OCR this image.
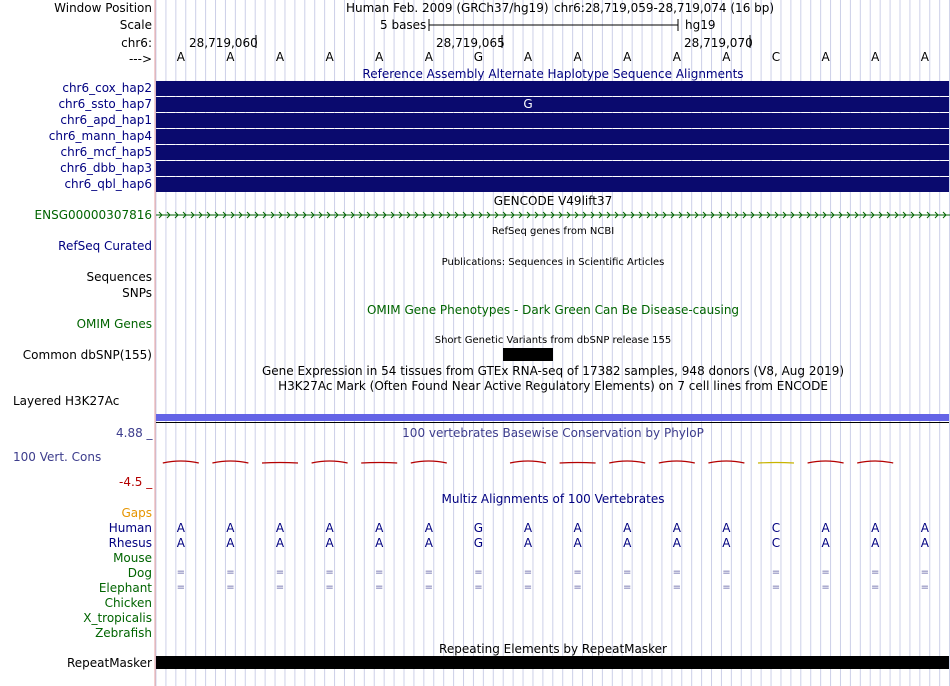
Window Position	Human Feb. 2009 (GRCh37/hg19) chr6:28,719,059-28,719,074 (16 bp)
Scale	5 bases	hg19
chr6:	28,719,060	28,719,065	28,719,070
--->	A	A	A	A	A	A	G	A	A	A	A	A	C	A	A	A
Reference Assembly Alternate Haplotype Sequence Alignments
chr6_cox_hap2
chr6_ssto_hap7	G
chr6_apd_hap1
chr6_mann_hap4
chr6_mcf_hap5
chr6_dbb_hap3
chr6_qbl_hap6
GENCODE V49lift37
ENSG00000307816
RefSeq genes from NCBI
RefSeq Curated
Publications: Sequences in Scientific Articles
Sequences
SNPs
OMIM Gene Phenotypes - Dark Green Can Be Disease-causing
OMIM Genes
Short Genetic Variants from dbSNP release 155
Common dbSNP(155)
Gene Expression in 54 tissues from GTEx RNA-seq of 17382 samples, 948 donors (V8, Aug 2019)
H3K27Ac Mark (Often Found Near Active Regulatory Elements) on 7 cell lines from ENCODE
Layered H3K27Ac
100 vertebrates Basewise Conservation by PhyloP
4.88 _
100 Vert. Cons
-4.5 _
Multiz Alignments of 100 Vertebrates
Gaps
Human	A	A	A	A	A	A	G	A	A	A	A	A	C	A	A	A
Rhesus	A	A	A	A	A	A	G	A	A	A	A	A	C	A	A	A
Mouse
Dog	=	=	=	=	=	=	=	=	=	=	=	=	=	=	=	=
Elephant	=	=	=	=	=	=	=	=	=	=	=	=	=	=	=	=
Chicken
X_tropicalis
Zebrafish
Repeating Elements by RepeatMasker
RepeatMasker
